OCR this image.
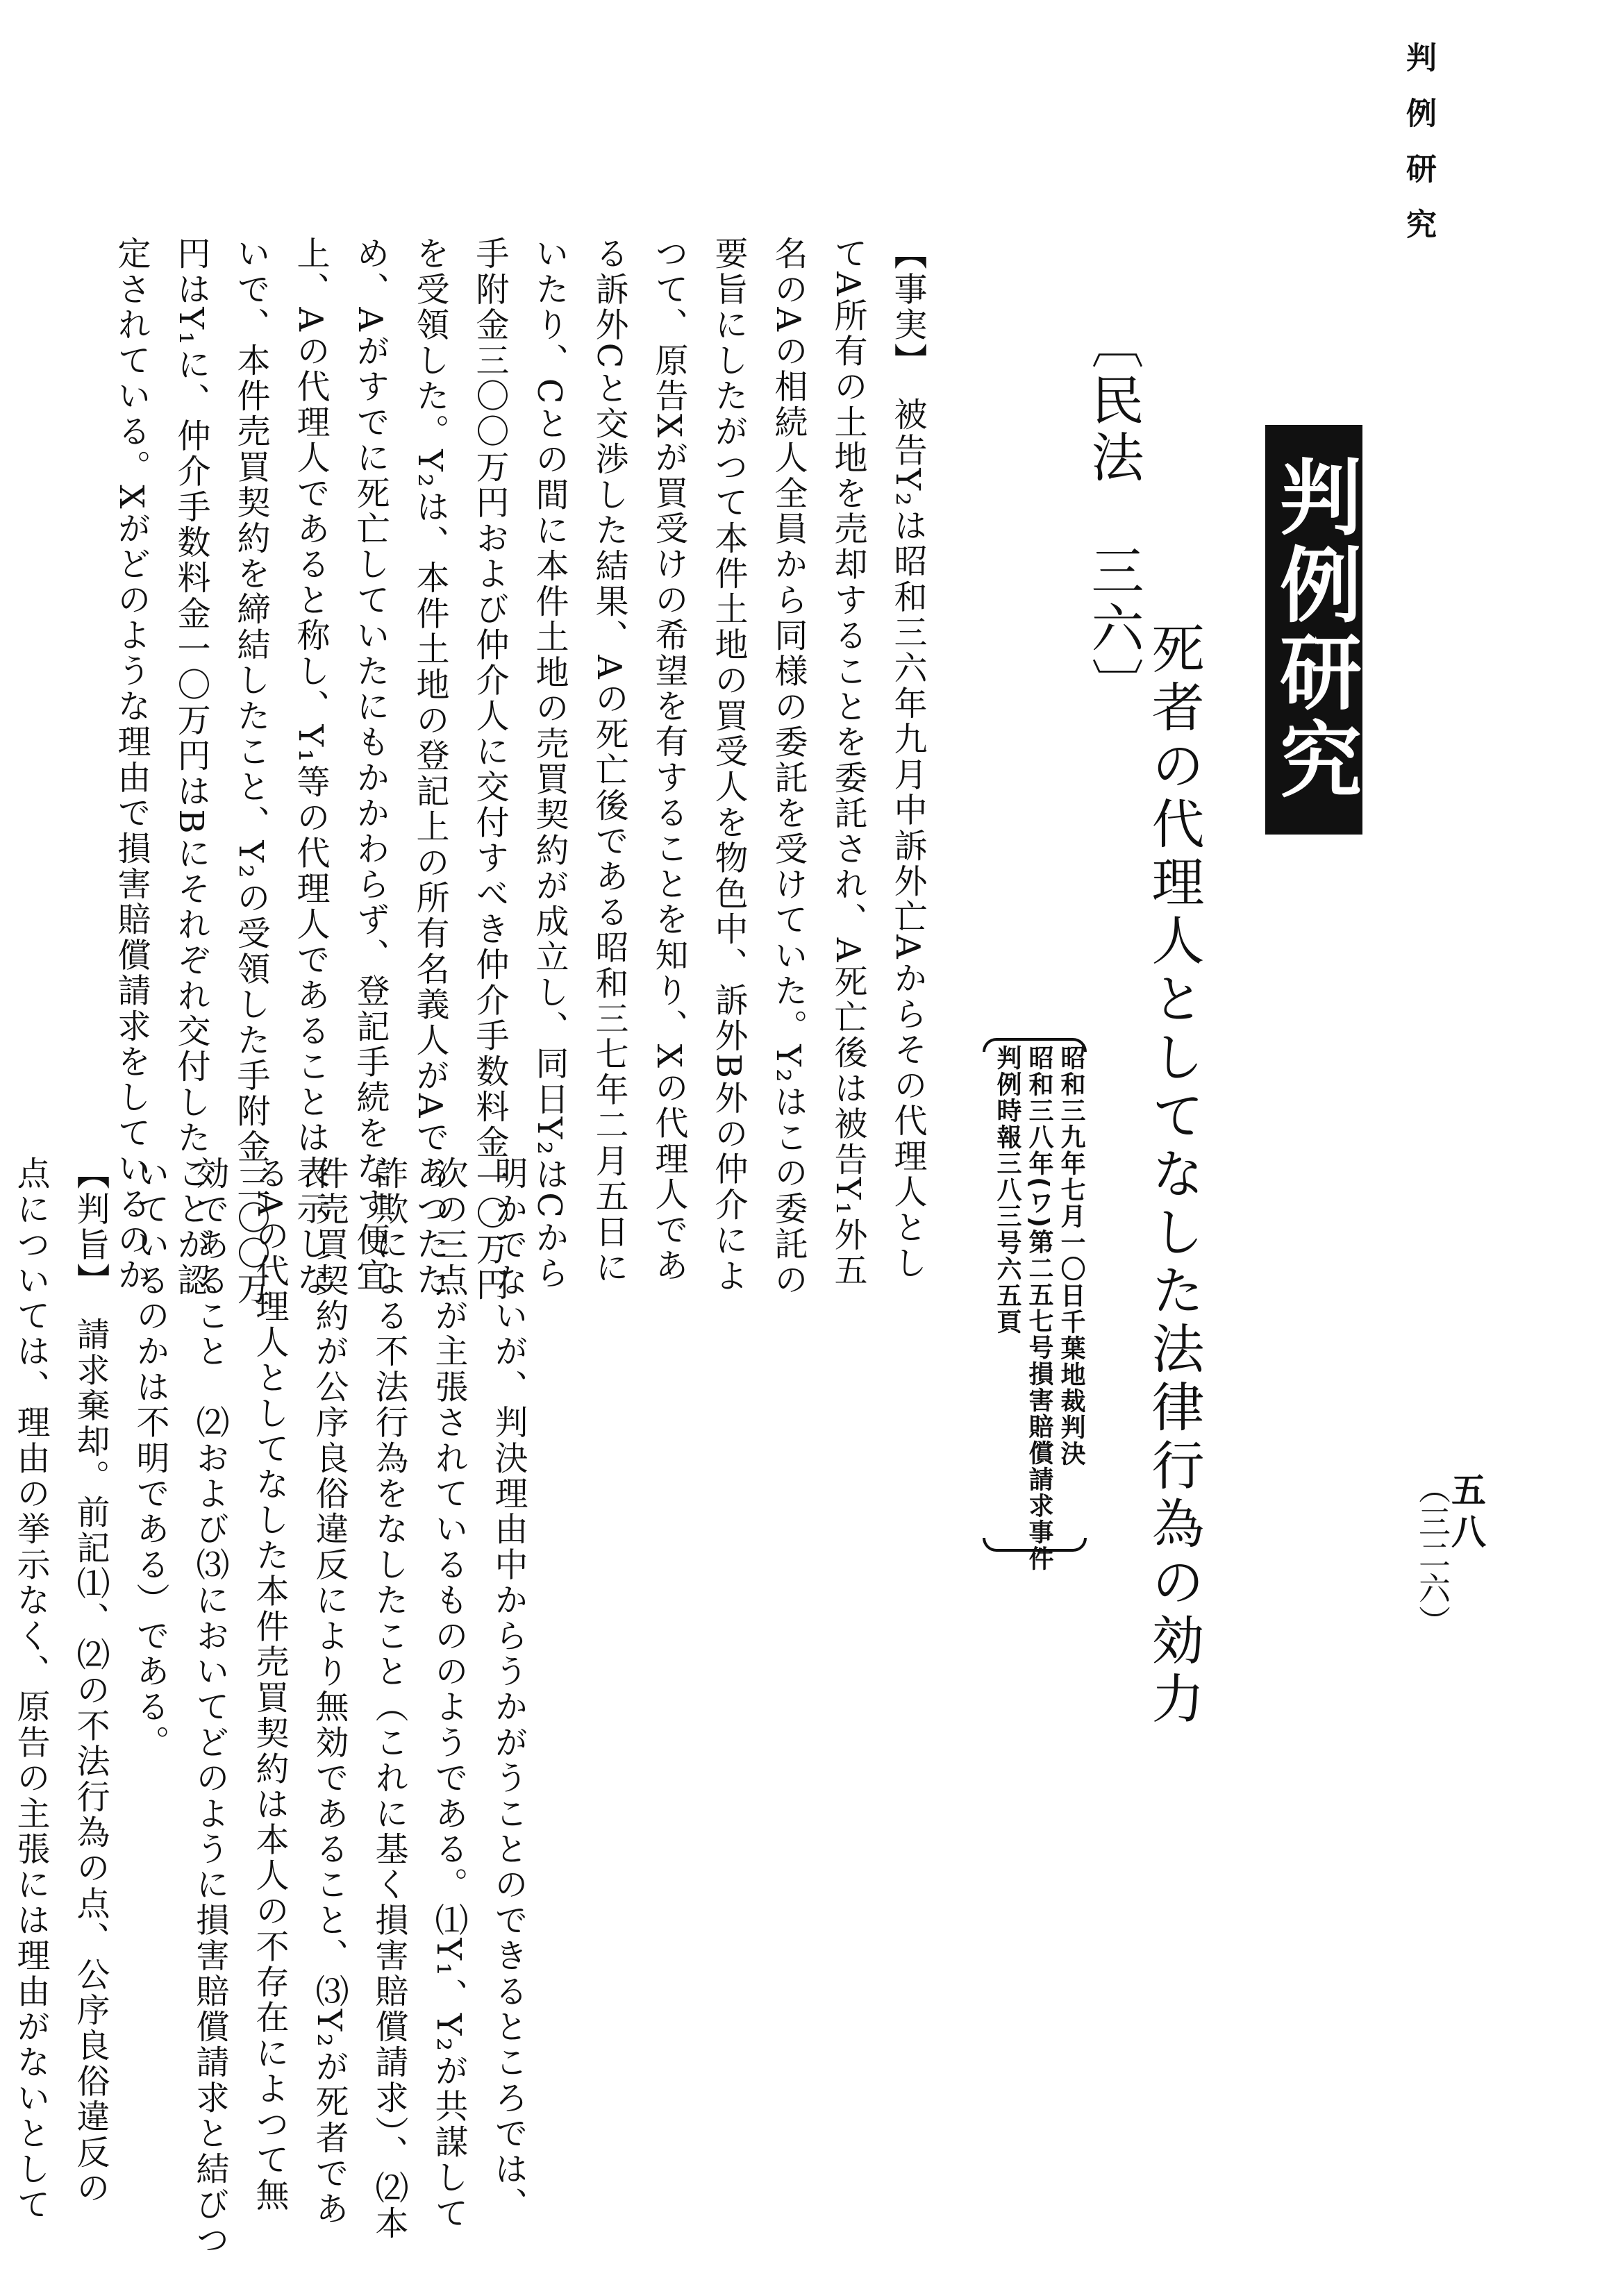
判例研究
判例研究
〔民法　三六〕
死者の代理人としてなした法律行為の効力
昭和三九年七月一〇日千葉地裁判決
昭和三八年(ワ)第二五七号損害賠償請求事件
判例時報三八三号六五頁
【事実】　被告Y₂は昭和三六年九月中訴外亡Aからその代理人とし
てA所有の土地を売却することを委託され、A死亡後は被告Y₁外五
名のAの相続人全員から同様の委託を受けていた。Y₂はこの委託の
要旨にしたがつて本件土地の買受人を物色中、訴外B外の仲介によ
つて、原告Xが買受けの希望を有することを知り、Xの代理人であ
る訴外Cと交渉した結果、Aの死亡後である昭和三七年二月五日に
いたり、Cとの間に本件土地の売買契約が成立し、同日Y₂はCから
手附金三〇〇万円および仲介人に交付すべき仲介手数料金一〇万円
を受領した。Y₂は、本件土地の登記上の所有名義人がAであつたた
め、Aがすでに死亡していたにもかかわらず、登記手続をなす便宜
上、Aの代理人であると称し、Y₁等の代理人であることは表示しな
いで、本件売買契約を締結したこと、Y₂の受領した手附金三〇〇万
円はY₁に、仲介手数料金一〇万円はBにそれぞれ交付したことが認
定されている。Xがどのような理由で損害賠償請求をしているのか
明かでないが、判決理由中からうかがうことのできるところでは、
次の三点が主張されているもののようである。⑴Y₁、Y₂が共謀して
詐欺による不法行為をなしたこと（これに基く損害賠償請求）、⑵本
件売買契約が公序良俗違反により無効であること、⑶Y₂が死者であ
るAの代理人としてなした本件売買契約は本人の不存在によつて無
効であること　⑵および⑶においてどのように損害賠償請求と結びつ
いているのかは不明である）である。
【判旨】　請求棄却。前記⑴、⑵の不法行為の点、公序良俗違反の
点については、理由の挙示なく、原告の主張には理由がないとして	五八
（三二六）
